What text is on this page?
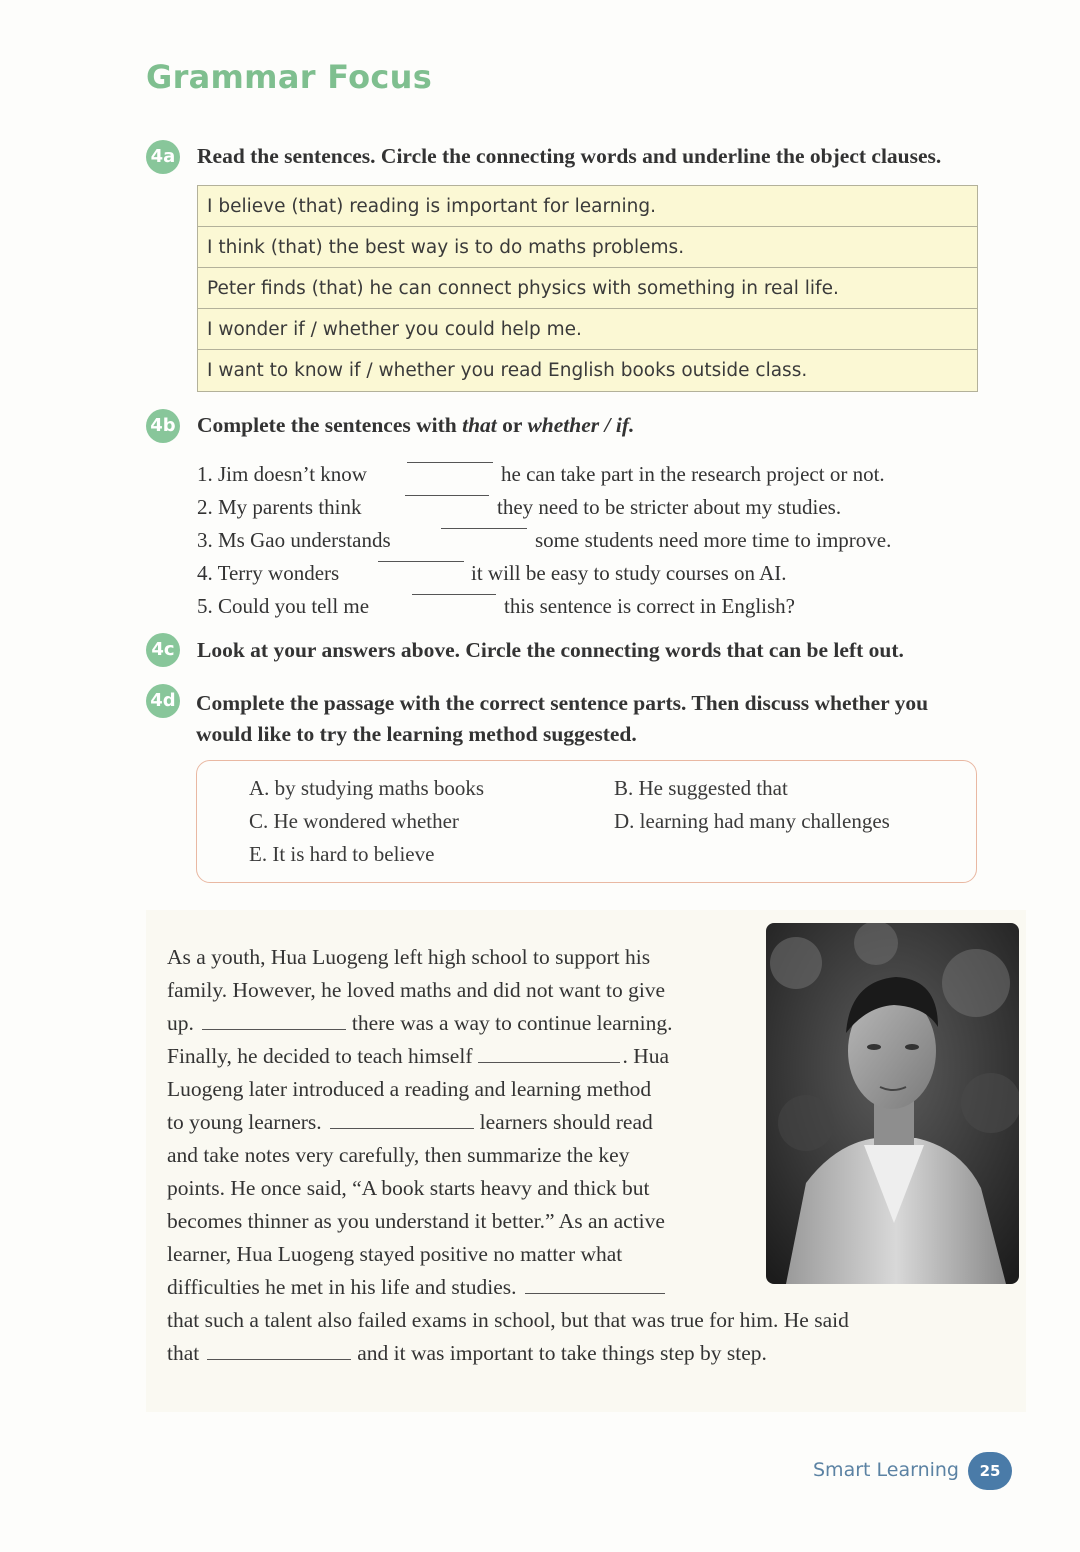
Grammar Focus
4a Read the sentences. Circle the connecting words and underline the object clauses.
I believe (that) reading is important for learning.
I think (that) the best way is to do maths problems.
Peter finds (that) he can connect physics with something in real life.
I wonder if / whether you could help me.
I want to know if / whether you read English books outside class.
4b Complete the sentences with that or whether / if.
1. Jim doesn’t know	he can take part in the research project or not.
2. My parents think	they need to be stricter about my studies.
3. Ms Gao understands	some students need more time to improve.
4. Terry wonders	it will be easy to study courses on AI.
5. Could you tell me	this sentence is correct in English?
4c Look at your answers above. Circle the connecting words that can be left out.
4d Complete the passage with the correct sentence parts. Then discuss whether you would like to try the learning method suggested.
A. by studying maths books	B. He suggested that
C. He wondered whether	D. learning had many challenges
E. It is hard to believe
As a youth, Hua Luogeng left high school to support his
family. However, he loved maths and did not want to give
up.	there was a way to continue learning.
Finally, he decided to teach himself	. Hua
Luogeng later introduced a reading and learning method
to young learners.	learners should read
and take notes very carefully, then summarize the key
points. He once said, “A book starts heavy and thick but
becomes thinner as you understand it better.” As an active
learner, Hua Luogeng stayed positive no matter what
difficulties he met in his life and studies.
that such a talent also failed exams in school, but that was true for him. He said
that	and it was important to take things step by step.
Smart Learning	25
